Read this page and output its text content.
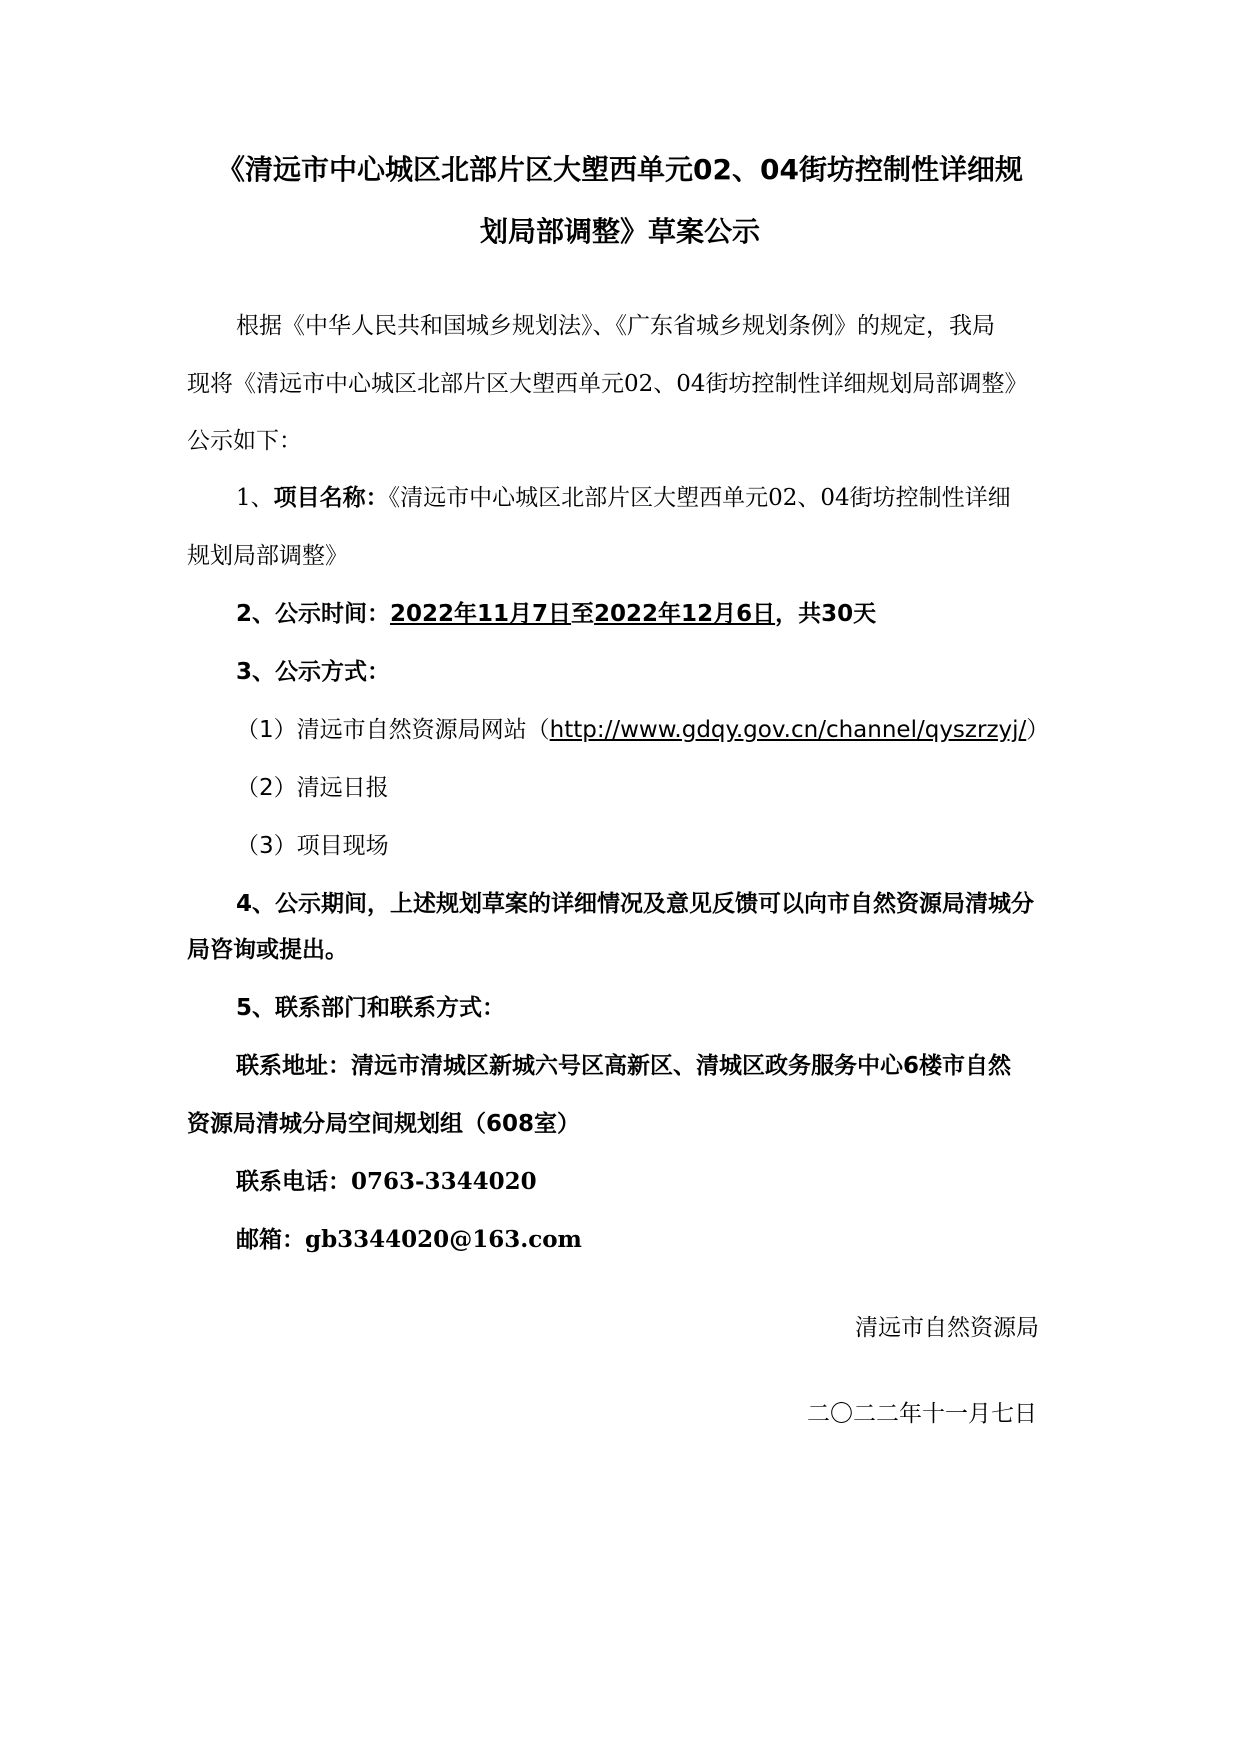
《清远市中心城区北部片区大塱西单元02、04街坊控制性详细规
划局部调整》草案公示
根据《中华人民共和国城乡规划法》、《广东省城乡规划条例》的规定，我局
现将《清远市中心城区北部片区大塱西单元02、04街坊控制性详细规划局部调整》
公示如下：
1、项目名称：《清远市中心城区北部片区大塱西单元02、04街坊控制性详细
规划局部调整》
2、公示时间：2022年11月7日至2022年12月6日，共30天
3、公示方式：
（1）清远市自然资源局网站（http://www.gdqy.gov.cn/channel/qyszrzyj/）
（2）清远日报
（3）项目现场
4、公示期间，上述规划草案的详细情况及意见反馈可以向市自然资源局清城分
局咨询或提出。
5、联系部门和联系方式：
联系地址：清远市清城区新城六号区高新区、清城区政务服务中心6楼市自然
资源局清城分局空间规划组（608室）
联系电话：0763-3344020
邮箱：gb3344020@163.com
清远市自然资源局
二〇二二年十一月七日
